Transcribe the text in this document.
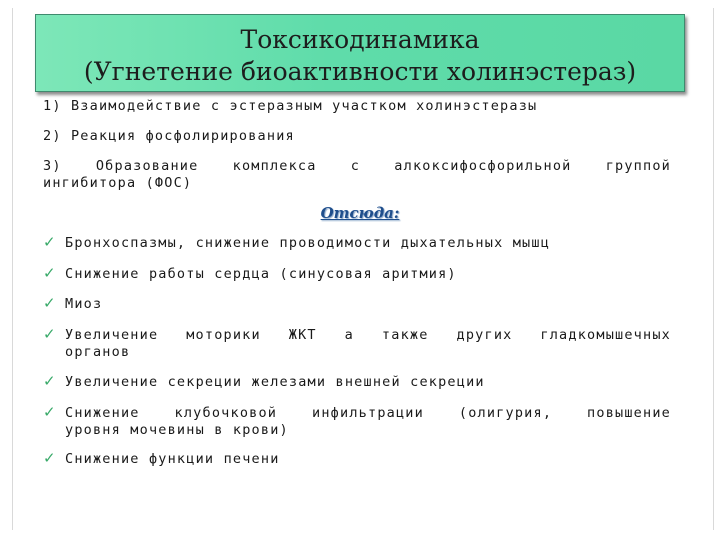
Токсикодинамика
(Угнетение биоактивности холинэстераз)
1) Взаимодействие с эстеразным участком холинэстеразы
2) Реакция фосфолирирования
3) Образование комплекса с алкоксифосфорильной группой
ингибитора (ФОС)
Отсюда:
✓ Бронхоспазмы, снижение проводимости дыхательных мышц
✓ Снижение работы сердца (синусовая аритмия)
✓ Миоз
✓ Увеличение моторики ЖКТ а также других гладкомышечных
органов
✓ Увеличение секреции железами внешней секреции
✓ Снижение клубочковой инфильтрации (олигурия, повышение
уровня мочевины в крови)
✓ Снижение функции печени
